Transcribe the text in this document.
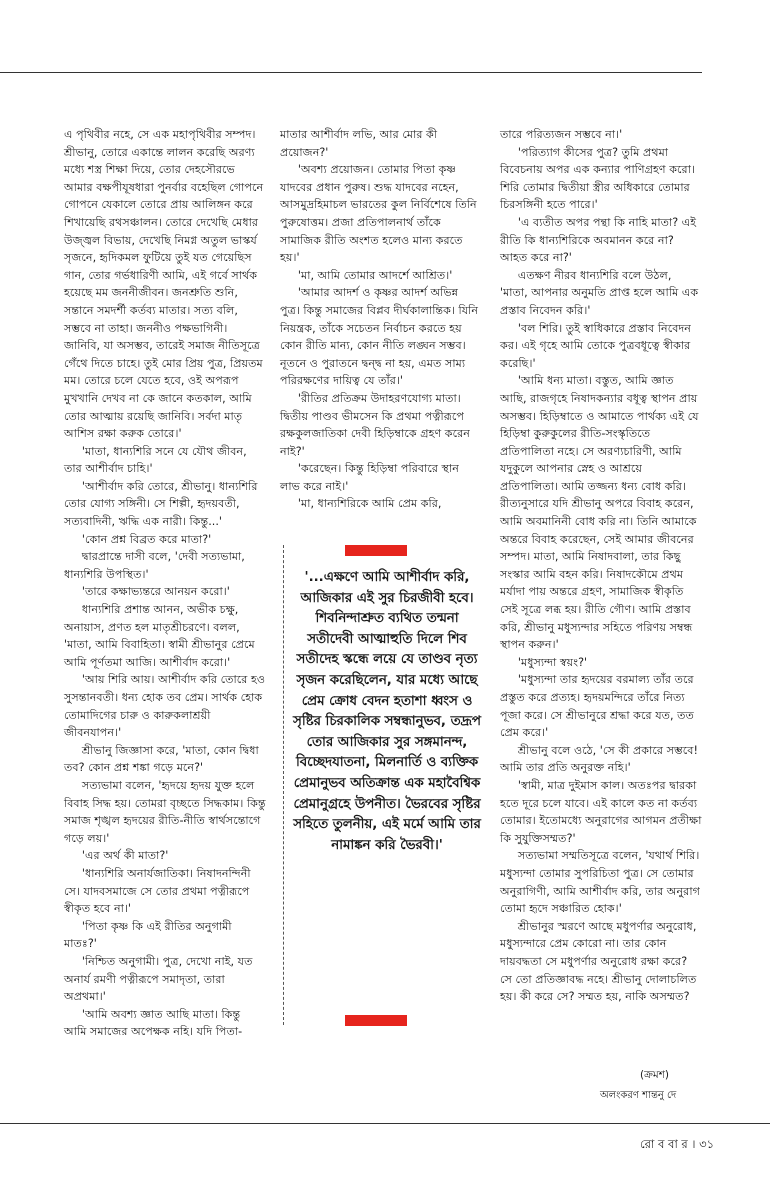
এ পৃথিবীর নহে, সে এক মহাপৃথিবীর সম্পদ। শ্রীভানু, তোরে একান্তে লালন করেছি অরণ্য মধ্যে শস্ত্র শিক্ষা দিয়ে, তোর দেহসৌরভে আমার বক্ষপীযূষধারা পুনর্বার বহেছিল গোপনে গোপনে যেকালে তোরে প্রায় আলিঙ্গন করে শিখায়েছি রথসঞ্চালন। তোরে দেখেছি মেধার উজ্জ্বল বিভায়, দেখেছি নিমগ্ন অতুল ভাস্কর্য সৃজনে, হৃদিকমল ফুটিয়ে তুই যত গেয়েছিস গান, তোর গর্ভধারিণী আমি, এই গর্বে সার্থক হয়েছে মম জননীজীবন। জনশ্রুতি শুনি, সন্তানে সমদর্শী কর্তব্য মাতার। সত্য বলি, সম্ভবে না তাহা। জননীও পক্ষভাগিনী। জানিবি, যা অসম্ভব, তারেই সমাজ নীতিসূত্রে গেঁথে দিতে চাহে। তুই মোর প্রিয় পুত্র, প্রিয়তম মম। তোরে চলে যেতে হবে, ওই অপরূপ মুখখানি দেখব না কে জানে কতকাল, আমি তোর আত্মায় রয়েছি জানিবি। সর্বদা মাতৃ আশিস রক্ষা করুক তোরে।'

'মাতা, ধান্যশিরি সনে যে যৌথ জীবন, তার আশীর্বাদ চাহি।'

'আশীর্বাদ করি তোরে, শ্রীভানু। ধান্যশিরি তোর যোগ্য সঙ্গিনী। সে শিল্পী, হৃদয়বতী, সত্যবাদিনী, ঋদ্ধি এক নারী। কিন্তু...'

'কোন প্রশ্ন বিব্রত করে মাতা?'

দ্বারপ্রান্তে দাসী বলে, 'দেবী সত্যভামা, ধান্যশিরি উপস্থিত।'

'তারে কক্ষাভ্যন্তরে আনয়ন করো।'

ধান্যশিরি প্রশান্ত আনন, অভীক চক্ষু, অনায়াস, প্রণত হল মাতৃশ্রীচরণে। বলল, 'মাতা, আমি বিবাহিতা। স্বামী শ্রীভানুর প্রেমে আমি পূর্ণতমা আজি। আশীর্বাদ করো।'

'আয় শিরি আয়। আশীর্বাদ করি তোরে হও সুসন্তানবতী। ধন্য হোক তব প্রেম। সার্থক হোক তোমাদিগের চারু ও কারুকলাশ্রয়ী জীবনযাপন।'

শ্রীভানু জিজ্ঞাসা করে, 'মাতা, কোন দ্বিধা তব? কোন প্রশ্ন শঙ্কা গড়ে মনে?'

সত্যভামা বলেন, 'হৃদয়ে হৃদয় যুক্ত হলে বিবাহ সিদ্ধ হয়। তোমরা বৃচ্ছতে সিদ্ধকাম। কিন্তু সমাজ শৃঙ্খল হৃদয়ের রীতি-নীতি স্বার্থসন্তোগে গড়ে লয়।'

'এর অর্থ কী মাতা?'

'ধান্যশিরি অনার্যজাতিকা। নিষাদনন্দিনী সে। যাদবসমাজে সে তোর প্রথমা পত্নীরূপে স্বীকৃত হবে না।'

'পিতা কৃষ্ণ কি এই রীতির অনুগামী মাতঃ?'

'নিশ্চিত অনুগামী। পুত্র, দেখো নাই, যত অনার্য রমণী পত্নীরূপে সমাদৃতা, তারা অপ্রথমা।'

'আমি অবশ্য জ্ঞাত আছি মাতা। কিন্তু আমি সমাজের অপেক্ষক নহি। যদি পিতা-

মাতার আশীর্বাদ লভি, আর মোর কী প্রয়োজন?'

'অবশ্য প্রয়োজন। তোমার পিতা কৃষ্ণ যাদবের প্রধান পুরুষ। শুদ্ধ যাদবের নহেন, আসমুদ্রহিমাচল ভারতের কুল নির্বিশেষে তিনি পুরুষোত্তম। প্রজা প্রতিপালনার্থ তাঁকে সামাজিক রীতি অংশত হলেও মান্য করতে হয়।'

'মা, আমি তোমার আদর্শে আশ্রিত।'

'আমার আদর্শ ও কৃষ্ণর আদর্শ অভিন্ন পুত্র। কিন্তু সমাজের বিপ্লব দীর্ঘকালান্তিক। যিনি নিয়ন্ত্রক, তাঁকে সচেতন নির্বাচন করতে হয় কোন রীতি মান্য, কোন নীতি লঙ্ঘন সম্ভব। নূতনে ও পুরাতনে দ্বন্দ্ব না হয়, এমত সাম্য পরিরক্ষণের দায়িত্ব যে তাঁর।'

'রীতির প্রতিক্রম উদাহরণযোগ্য মাতা। দ্বিতীয় পাণ্ডব ভীমসেন কি প্রথমা পত্নীরূপে রক্ষকুলজাতিকা দেবী হিড়িম্বাকে গ্রহণ করেন নাই?'

'করেছেন। কিন্তু হিড়িম্বা পরিবারে স্থান লাভ করে নাই।'

'মা, ধান্যশিরিকে আমি প্রেম করি,

'...এক্ষণে আমি আশীর্বাদ করি, আজিকার এই সুর চিরজীবী হবে। শিবনিন্দাশ্রুত ব্যথিত তন্মনা সতীদেবী আত্মাহুতি দিলে শিব সতীদেহ স্কন্ধে লয়ে যে তাণ্ডব নৃত্য সৃজন করেছিলেন, যার মধ্যে আছে প্রেম ক্রোধ বেদন হতাশা ধ্বংস ও সৃষ্টির চিরকালিক সম্বন্ধানুভব, তদ্রূপ তোর আজিকার সুর সঙ্গমানন্দ, বিচ্ছেদযাতনা, মিলনার্তি ও ব্যক্তিক প্রেমানুভব অতিক্রান্ত এক মহাবৈশ্বিক প্রেমানুগ্রহে উপনীত। ভৈরবের সৃষ্টির সহিতে তুলনীয়, এই মর্মে আমি তার নামাঙ্কন করি ভৈরবী।'

তারে পরিত্যজন সম্ভবে না।'

'পরিত্যাগ কীসের পুত্র? তুমি প্রথমা বিবেচনায় অপর এক কন্যার পাণিগ্রহণ করো। শিরি তোমার দ্বিতীয়া স্ত্রীর অধিকারে তোমার চিরসঙ্গিনী হতে পারে।'

'এ ব্যতীত অপর পন্থা কি নাহি মাতা? এই রীতি কি ধান্যশিরিকে অবমানন করে না? আহত করে না?'

এতক্ষণ নীরব ধান্যশিরি বলে উঠল, 'মাতা, আপনার অনুমতি প্রাপ্ত হলে আমি এক প্রস্তাব নিবেদন করি।'

'বল শিরি। তুই স্বাধিকারে প্রস্তাব নিবেদন কর। এই গৃহে আমি তোকে পুত্রবধূত্বে স্বীকার করেছি।'

'আমি ধন্য মাতা। বস্তুত, আমি জ্ঞাত আছি, রাজগৃহে নিষাদকন্যার বধূত্ব স্থাপন প্রায় অসম্ভব। হিড়িম্বাতে ও আমাতে পার্থক্য এই যে হিড়িম্বা কুরুকুলের রীতি-সংস্কৃতিতে প্রতিপালিতা নহে। সে অরণ্যচারিণী, আমি যদুকুলে আপনার স্নেহ ও আশ্রয়ে প্রতিপালিতা। আমি তজ্জন্য ধন্য বোধ করি। রীত্যনুসারে যদি শ্রীভানু অপরে বিবাহ করেন, আমি অবমানিনী বোধ করি না। তিনি আমাকে অন্তরে বিবাহ করেছেন, সেই আমার জীবনের সম্পদ। মাতা, আমি নিষাদবালা, তার কিছু সংস্কার আমি বহন করি। নিষাদকৌমে প্রথম মর্যাদা পায় অন্তরে গ্রহণ, সামাজিক স্বীকৃতি সেই সূত্রে লব্ধ হয়। রীতি গৌণ। আমি প্রস্তাব করি, শ্রীভানু মধুস্যন্দার সহিতে পরিণয় সম্বন্ধ স্থাপন করুন।'

'মধুস্যন্দা স্বয়ং?'

'মধুস্যন্দা তার হৃদয়ের বরমাল্য তাঁর তরে প্রস্তুত করে প্রত্যহ। হৃদয়মন্দিরে তাঁরে নিত্য পূজা করে। সে শ্রীভানুরে শ্রদ্ধা করে যত, তত প্রেম করে।'

শ্রীভানু বলে ওঠে, 'সে কী প্রকারে সম্ভবে! আমি তার প্রতি অনুরক্ত নহি।'

'স্বামী, মাত্র দুইমাস কাল। অতঃপর দ্বারকা হতে দূরে চলে যাবে। এই কালে কত না কর্তব্য তোমার। ইতোমধ্যে অনুরাগের আগমন প্রতীক্ষা কি সুযুক্তিসম্মত?'

সত্যভামা সম্মতিসূত্রে বলেন, 'যথার্থ শিরি। মধুস্যন্দা তোমার সুপরিচিতা পুত্র। সে তোমার অনুরাগিণী, আমি আশীর্বাদ করি, তার অনুরাগ তোমা হৃদে সঞ্চারিত হোক।'

শ্রীভানুর স্মরণে আছে মধুপর্ণার অনুরোধ, মধুস্যন্দারে প্রেম কোরো না। তার কোন দায়বদ্ধতা সে মধুপর্ণার অনুরোধ রক্ষা করে? সে তো প্রতিজ্ঞাবদ্ধ নহে। শ্রীভানু দোলাচলিত হয়। কী করে সে? সম্মত হয়, নাকি অসম্মত?

(ক্রমশ)
অলংকরণ শান্তনু দে
রো ব বা র । ৩১
